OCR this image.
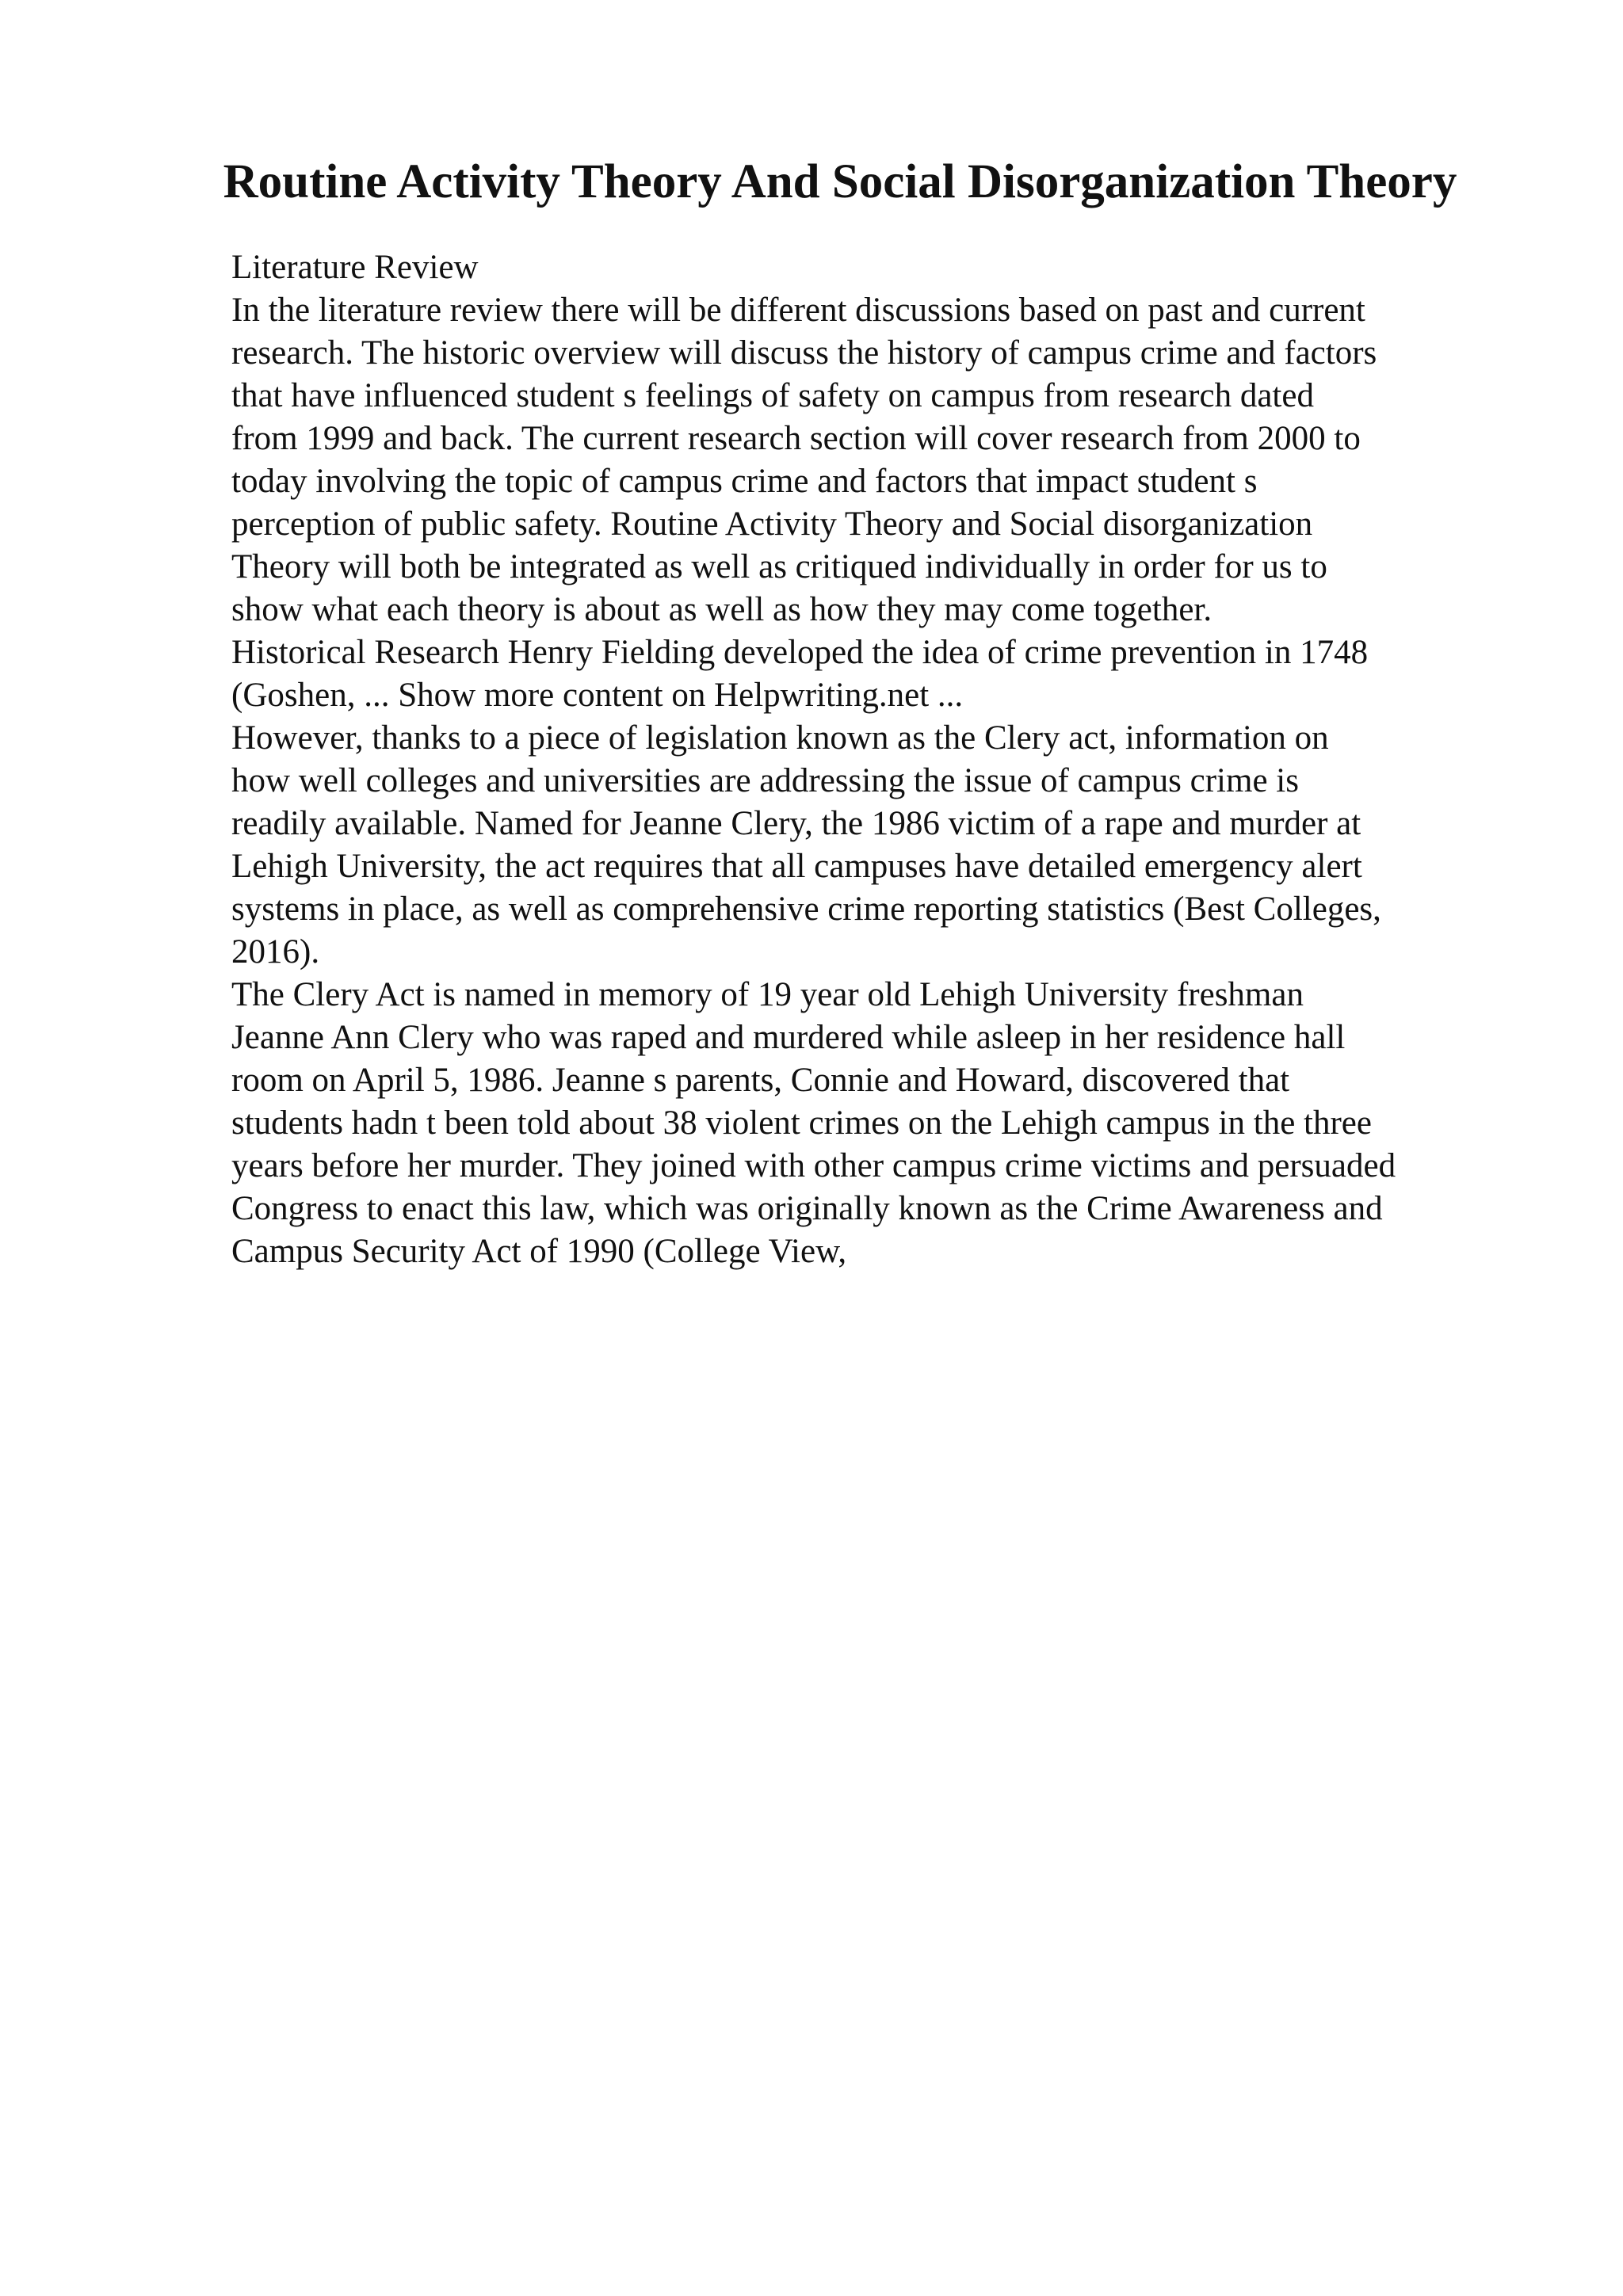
Routine Activity Theory And Social Disorganization Theory
Literature Review
In the literature review there will be different discussions based on past and current
research. The historic overview will discuss the history of campus crime and factors
that have influenced student s feelings of safety on campus from research dated
from 1999 and back. The current research section will cover research from 2000 to
today involving the topic of campus crime and factors that impact student s
perception of public safety. Routine Activity Theory and Social disorganization
Theory will both be integrated as well as critiqued individually in order for us to
show what each theory is about as well as how they may come together.
Historical Research Henry Fielding developed the idea of crime prevention in 1748
(Goshen, ... Show more content on Helpwriting.net ...
However, thanks to a piece of legislation known as the Clery act, information on
how well colleges and universities are addressing the issue of campus crime is
readily available. Named for Jeanne Clery, the 1986 victim of a rape and murder at
Lehigh University, the act requires that all campuses have detailed emergency alert
systems in place, as well as comprehensive crime reporting statistics (Best Colleges,
2016).
The Clery Act is named in memory of 19 year old Lehigh University freshman
Jeanne Ann Clery who was raped and murdered while asleep in her residence hall
room on April 5, 1986. Jeanne s parents, Connie and Howard, discovered that
students hadn t been told about 38 violent crimes on the Lehigh campus in the three
years before her murder. They joined with other campus crime victims and persuaded
Congress to enact this law, which was originally known as the Crime Awareness and
Campus Security Act of 1990 (College View,
